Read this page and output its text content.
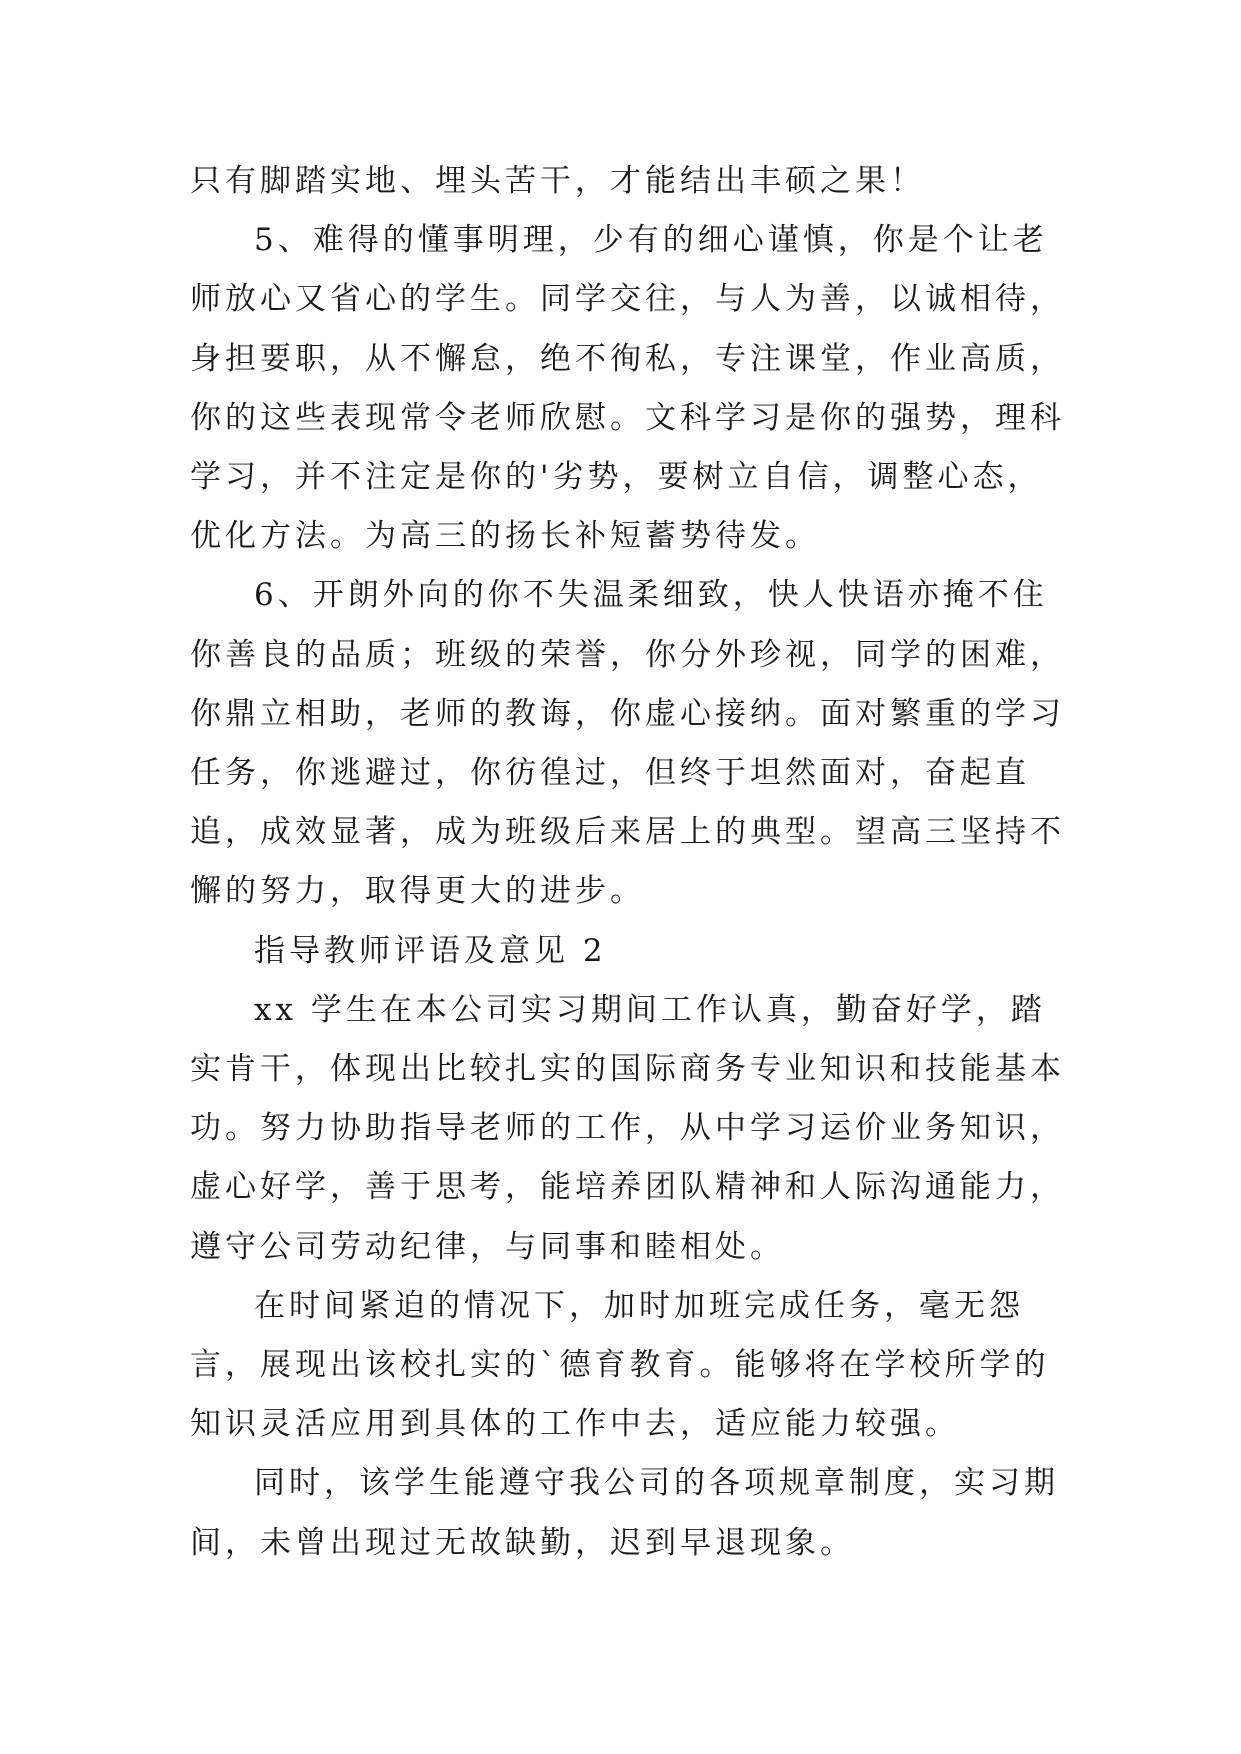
只有脚踏实地、埋头苦干，才能结出丰硕之果！

5、难得的懂事明理，少有的细心谨慎，你是个让老师放心又省心的学生。同学交往，与人为善，以诚相待，身担要职，从不懈怠，绝不徇私，专注课堂，作业高质，你的这些表现常令老师欣慰。文科学习是你的强势，理科学习，并不注定是你的'劣势，要树立自信，调整心态，优化方法。为高三的扬长补短蓄势待发。

6、开朗外向的你不失温柔细致，快人快语亦掩不住你善良的品质；班级的荣誉，你分外珍视，同学的困难，你鼎立相助，老师的教诲，你虚心接纳。面对繁重的学习任务，你逃避过，你彷徨过，但终于坦然面对，奋起直追，成效显著，成为班级后来居上的典型。望高三坚持不懈的努力，取得更大的进步。

指导教师评语及意见 2

xx 学生在本公司实习期间工作认真，勤奋好学，踏实肯干，体现出比较扎实的国际商务专业知识和技能基本功。努力协助指导老师的工作，从中学习运价业务知识，虚心好学，善于思考，能培养团队精神和人际沟通能力，遵守公司劳动纪律，与同事和睦相处。

在时间紧迫的情况下，加时加班完成任务，毫无怨言，展现出该校扎实的`德育教育。能够将在学校所学的知识灵活应用到具体的工作中去，适应能力较强。

同时，该学生能遵守我公司的各项规章制度，实习期间，未曾出现过无故缺勤，迟到早退现象。
